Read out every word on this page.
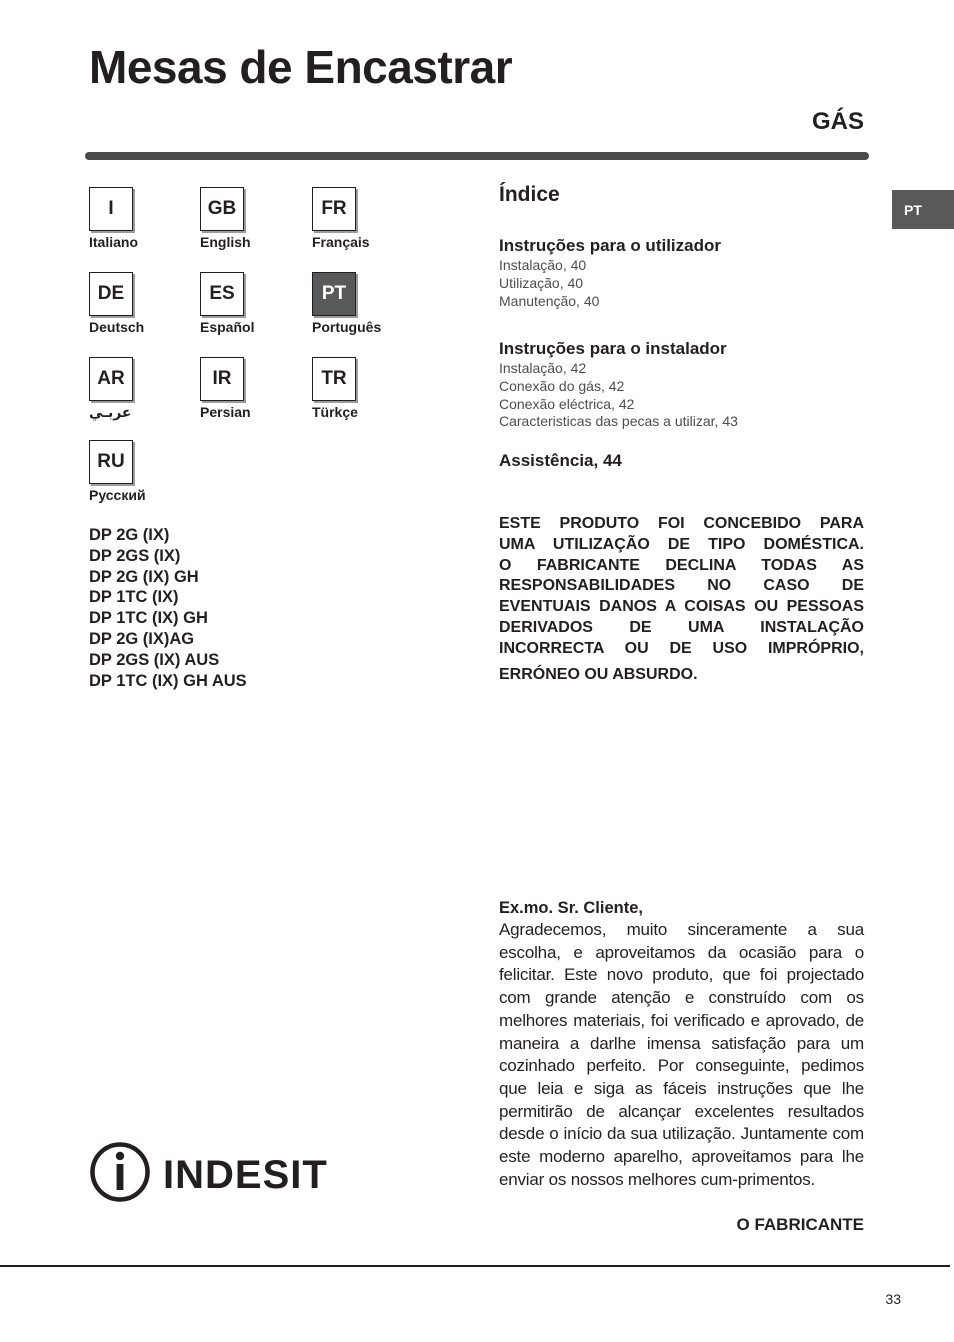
Mesas de Encastrar
GÁS
PT
I
Italiano
GB
English
FR
Français
DE
Deutsch
ES
Español
PT
Português
AR
عربـي
IR
Persian
TR
Türkçe
RU
Русский
DP 2G (IX)
DP 2GS (IX)
DP 2G (IX) GH
DP 1TC (IX)
DP 1TC (IX) GH
DP 2G (IX)AG
DP 2GS (IX) AUS
DP 1TC (IX) GH AUS
Índice
Instruções para o utilizador
Instalação, 40
Utilização, 40
Manutenção, 40
Instruções para o instalador
Instalação, 42
Conexão do gás, 42
Conexão eléctrica, 42
Caracteristicas das pecas a utilizar, 43
Assistência, 44
ESTE PRODUTO FOI CONCEBIDO PARA
UMA UTILIZAÇÃO DE TIPO DOMÉSTICA.
O FABRICANTE DECLINA TODAS AS
RESPONSABILIDADES NO CASO DE
EVENTUAIS DANOS A COISAS OU PESSOAS
DERIVADOS DE UMA INSTALAÇÃO
INCORRECTA OU DE USO IMPRÓPRIO,
ERRÓNEO OU ABSURDO.
Ex.mo. Sr. Cliente,
Agradecemos, muito sinceramente a sua escolha, e aproveitamos da ocasião para o felicitar. Este novo produto, que foi projectado com grande atenção e construído com os melhores materiais, foi verificado e aprovado, de maneira a darlhe imensa satisfação para um cozinhado perfeito. Por conseguinte, pedimos que leia e siga as fáceis instruções que lhe permitirão de alcançar excelentes resultados desde o início da sua utilização. Juntamente com este moderno aparelho, aproveitamos para lhe enviar os nossos melhores cum-primentos.
O FABRICANTE
INDESIT
33
